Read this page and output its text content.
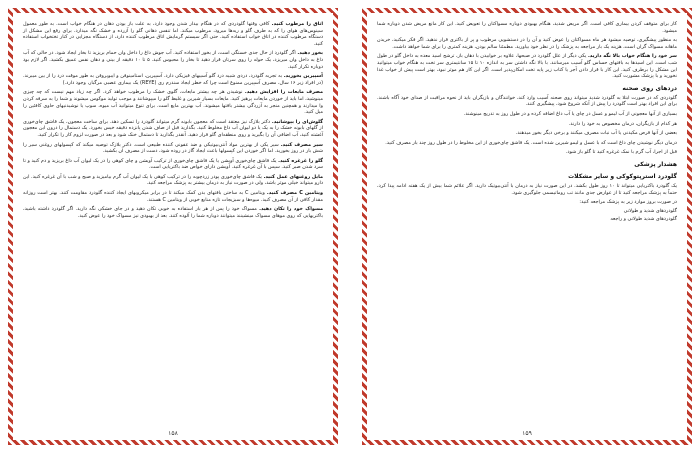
اتاق را مرطوب کنید. کافی وقتها گلودردی که در هنگام بیدار شدن وجود دارد، به علت باز بودن دهان در هنگام خواب است. به طور معمول سینوس‌های هوای را که به طرف گلو و ریه‌ها میرود، مرطوب میکند. اما تنفس دهانی گلو را آزرده و خشک نگه میدارد. برای رفع این مشکل از دستگاه مرطوب کننده در اتاق خواب استفاده کنید. حتی اگر سیستم گرمایش اتاق مرطوب کننده دارد، از دستگاه مجزایی در کنار تختخواب استفاده کنید.

بخور دهید. اگر گلودرد از حال جدی خستگی است، از بخور استفاده کنید. آب جوش داغ را داخل وان حمام بریزید تا بخار ایجاد شود. در حالی که آب داغ به داخل وان میریزد، یک حوله را روی سرتان قرار دهید تا بخار را محبوس کنید. ۵ تا ۱۰ دقیقه از بینی و دهان نفس عمیق بکشید. اگر لازم بود دوباره تکرار کنید.

آسپیرین بخورید. به تجربه گلودرد، دردی شبیه درد گلو آسیبهای فیزیکی دارد. آسپیرین، استامینوفن و ایبوپروفن به طور موقت درد را از بین میبرند. (در افراد زیر ۱۶ سال، مصرف آسپیرین ممنوع است چرا که خطر ایجاد سندرم ری (REYE) یک بیماری عصبی مرگبار، وجود دارد.)

مصرف مایعات را افزایش دهید. نوشیدن هر چه بیشتر مایعات، گلوی خشک را مرطوب خواهد کرد. اگر چه زیاد مهم نیست که چه چیزی مینوشید، اما باید از خوردن مایعات پرهیز کنید. مایعات بسیار شیرین و غلیظ گلو را میپوشانند و موجب تولید موکوس میشوند و شما را به سرفه کردن وا میدارند و همچنین منجر به آزردگی بیشتر بافتها میشوند. آب بهترین مایع است. برای تنوع میتوانید آب میوه، سوپ یا نوشیدنیهای حاوی کافئین را میل کنید.

گلوش‌ای را بپوشانید. دکتر بلازک نیز معتقد است که معجون بابونه گرم میتواند گلودرد را تسکین دهد. برای ساخت معجون، یک قاشق چای‌خوری از گلهای بابونه خشک را به یک یا دو لیوان آب داغ مخلوط کنید. بگذارید قبل از صاف شدن پانزده دقیقه خیس بخورد. یک دستمال را درون این معجون آغشته کنید، آب اضافی آن را بگیرید و روی منطقه‌ای گلو قرار دهید. آنقدر بگذارید تا دستمال خنک شود و بعد در صورت لزوم کار را تکرار کنید.

سیر مصرف کنید. سیر یکی از بهترین مواد آنتی‌بیوتیکی و ضد عفونی کننده طبیعی است. دکتر بلازک توصیه میکند که کپسولهای روغنی سیر را شش بار در روز بخورید. اما اگر خوردن این کپسولها باعث ایجاد گاز در روده شود، دست از مصرف آن بکشید.

گلو را غرغره کنید. یک قاشق چای‌خوری آویشن یا یک قاشق چای‌خوری از ترکیب آویشن و چای کوهی را در یک لیوان آب داغ بریزید و دم کنید و تا سرد شدن صبر کنید. سپس با آن غرغره کنید. آویشن دارای خواص ضد باکتریایی است.

مایل روغنهای عمل کنید. یک قاشق چای‌خوری پودر زردچوبه را در ترکیب کوهی با یک لیوان آب گرم بیامیزید و صبح و شب با آن غرغره کنید. این دارو میتواند خیلی موثر باشد، ولی در صورت نیاز به درمان بیشتر به پزشک مراجعه کنید.

ویتامین C مصرف کنید. ویتامین C به ساختن بافتهای بدن کمک میکند تا در برابر میکروبهای ایجاد کننده گلودرد مقاومت کنند. بهتر است روزانه مقدار کافی از آن مصرف کنید. میوه‌ها و سبزیجات تازه منابع خوبی از ویتامین C هستند.

مسواک خود را تکان دهید. مسواک خود را پس از هر بار استفاده به خوبی تکان دهید و در جای خشکی نگه دارید. اگر گلودرد داشته باشید، باکتریهایی که روی موهای مسواک مینشینند میتوانند دوباره شما را آلوده کنند. بعد از بهبودی نیز مسواک خود را عوض کنید.

۱۵۸

کار برای متوقف کردن بیماری کافی است. اگر مریض شدید، هنگام بهبودی دوباره مسواکتان را تعویض کنید. این کار مانع مریض شدن دوباره شما میشود.

به منظور پیشگیری، توصیه میشود هر ماه مسواکتان را عوض کنید و آن را در دستشویی مرطوب و پر از باکتری قرار ندهید. اگر فکر میکنید، خریدن ماهانه مسواک گران است، هزینه یک بار مراجعه به پزشک را در نظر خود بیاورید. مطمئنا سالم بودن، هزینه کمتری را برای شما خواهد داشت.

سر خود را هنگام خواب بالا نگه دارید. یکی دیگر از علل گلودرد در صبحها، علاوه بر خوابیدن با دهان باز، ترشح اسید معده به داخل گلو در طول شب است. این اسیدها به بافتهای حساس گلو آسیب میرسانند. با بالا نگه داشتن سر به اندازه ۱۰ تا ۱۵ سانتیمتری سر تخت به هنگام خواب میتوانید این مشکل را برطرف کنید. این کار با قرار دادن آجر یا کتاب زیر پایه تخت امکان‌پذیر است. اگر این کار هم موثر نبود، بهتر است پیش از خواب غذا نخورید و با پزشک مشورت کنید.

دردهای روی صحنه

گلودردی که در صورت ابتلا به گلودرد شدید میتواند روی صحنه آسیب وارد کند، خوانندگان و بازیگران باید از نحوه مراقبت از صدای خود آگاه باشند. برای این افراد بهتر است گلودرد را پیش از آنکه شروع شود، پیشگیری کنند.

بسیاری از آنها معجونی از آب لیمو و عسل در چای یا آب داغ اضافه کرده و در طول روز به تدریج مینوشند.

هر کدام از بازیگران، درمان مخصوص به خود را دارند.

بعضی از آنها قرص مکیدنی یا آب نبات مصرف میکنند و برخی دیگر بخور میدهند.

درمان دیگر نوشیدن چای داغ است که با عسل و لیمو شیرین شده است. یک قاشق چای‌خوری از این مخلوط را در طول روز چند بار مصرف کنید.

قبل از اجرا، آب گرم با نمک غرغره کنید تا گلو باز شود.

هشدار پزشکی
گلودرد استرپتوکوکی و سایر مشکلات

یک گلودرد باکتریایی میتواند تا ۱۰ روز طول بکشد. در این صورت نیاز به درمان با آنتی‌بیوتیک دارید. اگر علائم شما بیش از یک هفته ادامه پیدا کرد، حتماً به پزشک مراجعه کنید تا از عوارض جدی مانند تب روماتیسمی جلوگیری شود.

در صورت بروز موارد زیر به پزشک مراجعه کنید:

گلودردهای شدید و طولانی

گلودردهای شدید طولانی و راجعه

۱۵۹
